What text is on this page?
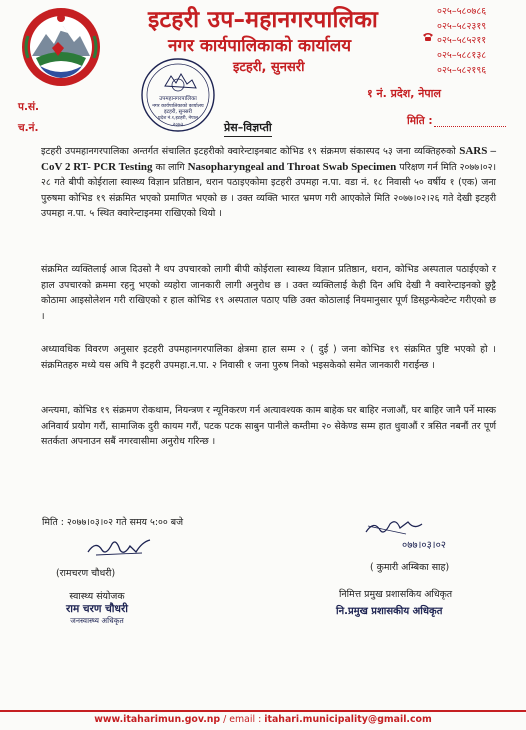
इटहरी उप–महानगरपालिका
नगर कार्यपालिकाको कार्यालय
इटहरी, सुनसरी
०२५–५८०७८६
०२५–५८२३१९
०२५–५८५२११
०२५–५८८१३८
०२५–५८२१९६
१ नं. प्रदेश, नेपाल
प.सं.
च.नं.
मिति :
उपमहानगरपालिका
नगर कार्यपालिकाको कार्यालय
इटहरी, सुनसरी
प्रदेश नं.१,इटहरी, नेपाल
२०७३	प्रेस–विज्ञप्ती

इटहरी उपमहानगरपालिका अन्तर्गत संचालित इटहरीको क्वारेन्टाइनबाट कोभिड १९ संक्रमण संकास्पद ५३ जना व्यक्तिहरुको SARS –CoV 2 RT- PCR Testing का लागि Nasopharyngeal and Throat Swab Specimen परिक्षण गर्न मिति २०७७।०२।२८ गते बीपी कोईराला स्वास्थ्य विज्ञान प्रतिष्ठान, धरान पठाइएकोमा इटहरी उपमहा न.पा. वडा नं. १८ निवासी ५० वर्षीय १ (एक) जना पुरुषमा कोभिड १९ संक्रमित भएको प्रमाणित भएको छ । उक्त व्यक्ति भारत भ्रमण गरी आएकोले मिति २०७७।०२।२६ गते देखी इटहरी उपमहा न.पा. ५ स्थित क्वारेन्टाइनमा राखिएको थियो ।

संक्रमित व्यक्तिलाई आज दिउसो नै थप उपचारको लागी बीपी कोईराला स्वास्थ्य विज्ञान प्रतिष्ठान, धरान, कोभिड अस्पताल पठाईएको र हाल उपचारको क्रममा रहनु भएको व्यहोरा जानकारी लागी अनुरोध छ । उक्त व्यक्तिलाई केही दिन अघि देखी नै क्वारेन्टाइनको छुट्टै कोठामा आइसोलेशन गरी राखिएको र हाल कोभिड १९ अस्पताल पठाए पछि उक्त कोठालाई नियमानुसार पूर्ण डिस्इन्फेक्टेन्ट गरीएको छ ।

अध्यावधिक विवरण अनुसार इटहरी उपमहानगरपालिका क्षेत्रमा हाल सम्म २ ( दुई ) जना कोभिड १९ संक्रमित पुष्टि भएको हो । संक्रमितहरु मध्ये यस अघि नै इटहरी उपमहा.न.पा. २ निवासी १ जना पुरुष निको भइसकेको समेत जानकारी गराईन्छ ।

अन्त्यमा, कोभिड १९ संक्रमण रोकथाम, नियन्त्रण र न्यूनिकरण गर्न अत्यावश्यक काम बाहेक घर बाहिर नजाऔं, घर बाहिर जानै पर्ने मास्क अनिवार्य प्रयोग गरौं, सामाजिक दुरी कायम गरौं, पटक पटक साबुन पानीले कम्तीमा २० सेकेण्ड सम्म हात धुवाऔं र त्रसित नबनौं तर पूर्ण सतर्कता अपनाउन सबैं नगरवासीमा अनुरोध गरिन्छ ।

मिति : २०७७।०३।०२ गते समय ५:०० बजे
(रामचरण चौधरी)
स्वास्थ्य संयोजक
राम चरण चौधरी
जनस्वास्थ्य अधिकृत
०७७।०३।०२
( कुमारी अम्बिका साह)
निमित्त प्रमुख प्रशासकिय अधिकृत
नि.प्रमुख प्रशासकीय अधिकृत
www.itaharimun.gov.np / email : itahari.municipality@gmail.com
